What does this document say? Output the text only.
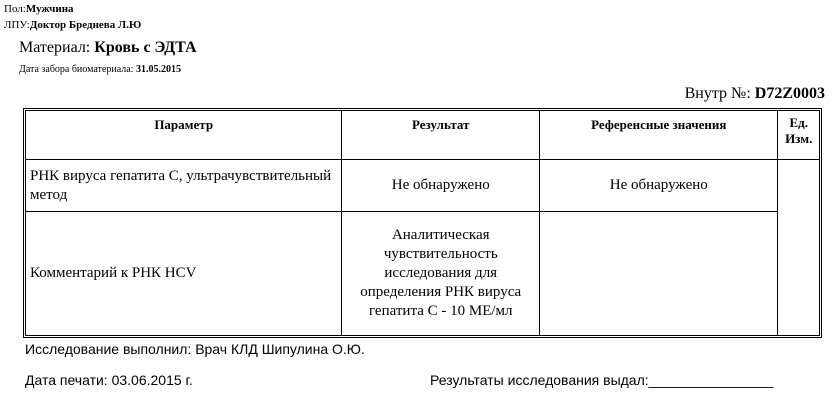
Пол:Мужчина
ЛПУ:Доктор Бреднева Л.Ю
Материал: Кровь с ЭДТА
Дата забора биоматериала: 31.05.2015
Внутр №: D72Z0003
Параметр	Результат	Референсные значения	Ед. Изм.
РНК вируса гепатита С, ультрачувствительный метод	Не обнаружено	Не обнаружено	
Комментарий к РНК HCV	Аналитическая чувствительность исследования для определения РНК вируса гепатита С - 10 МЕ/мл		
Исследование выполнил: Врач КЛД Шипулина О.Ю.
Дата печати: 03.06.2015 г.	Результаты исследования выдал:________________
